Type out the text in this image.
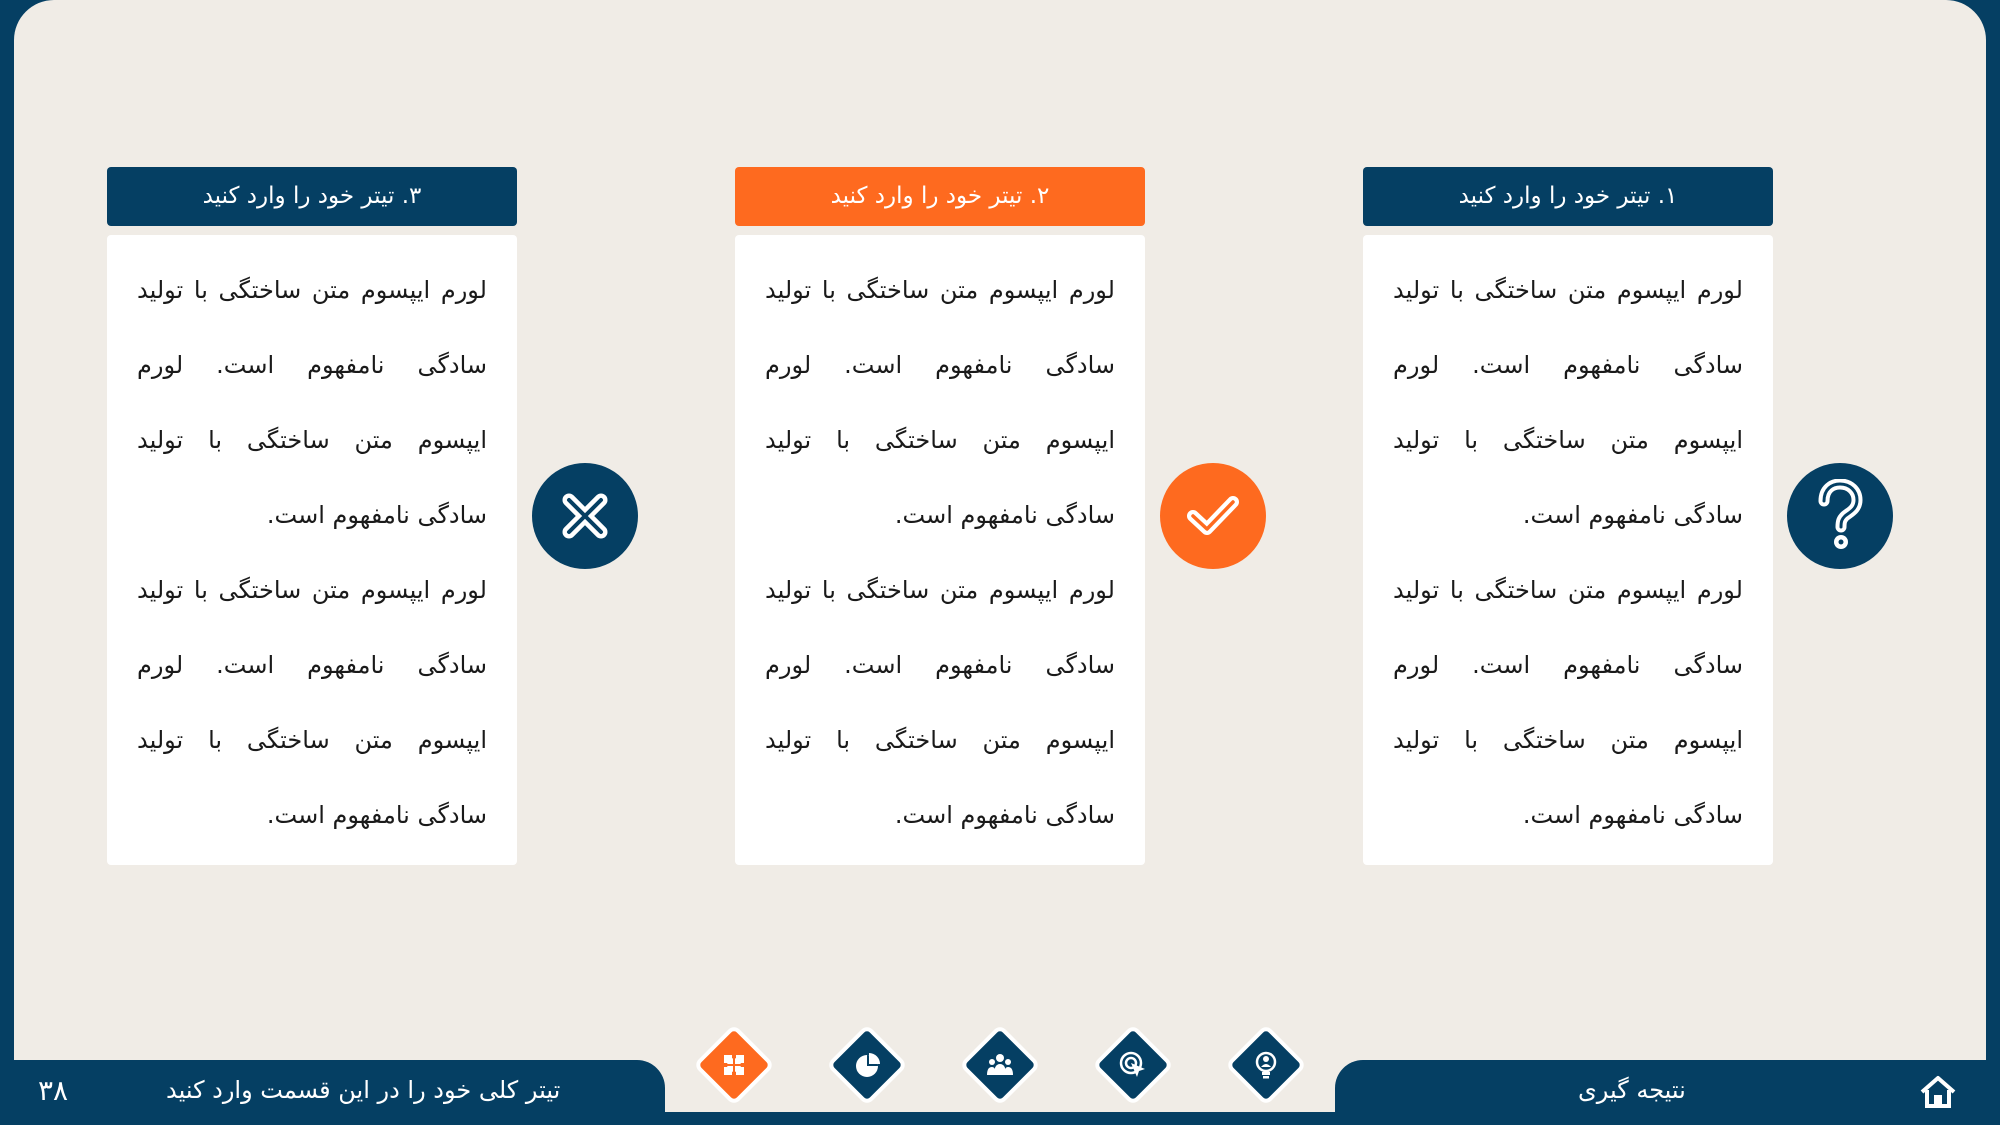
۳. تیتر خود را وارد کنید

لورم ایپسوم متن ساختگی با تولید سادگی نامفهوم است. لورم ایپسوم متن ساختگی با تولید سادگی نامفهوم است.

لورم ایپسوم متن ساختگی با تولید سادگی نامفهوم است. لورم ایپسوم متن ساختگی با تولید سادگی نامفهوم است.

۲. تیتر خود را وارد کنید

لورم ایپسوم متن ساختگی با تولید سادگی نامفهوم است. لورم ایپسوم متن ساختگی با تولید سادگی نامفهوم است.

لورم ایپسوم متن ساختگی با تولید سادگی نامفهوم است. لورم ایپسوم متن ساختگی با تولید سادگی نامفهوم است.

۱. تیتر خود را وارد کنید

لورم ایپسوم متن ساختگی با تولید سادگی نامفهوم است. لورم ایپسوم متن ساختگی با تولید سادگی نامفهوم است.

لورم ایپسوم متن ساختگی با تولید سادگی نامفهوم است. لورم ایپسوم متن ساختگی با تولید سادگی نامفهوم است.

۳۸	تیتر کلی خود را در این قسمت وارد کنید	نتیجه گیری
